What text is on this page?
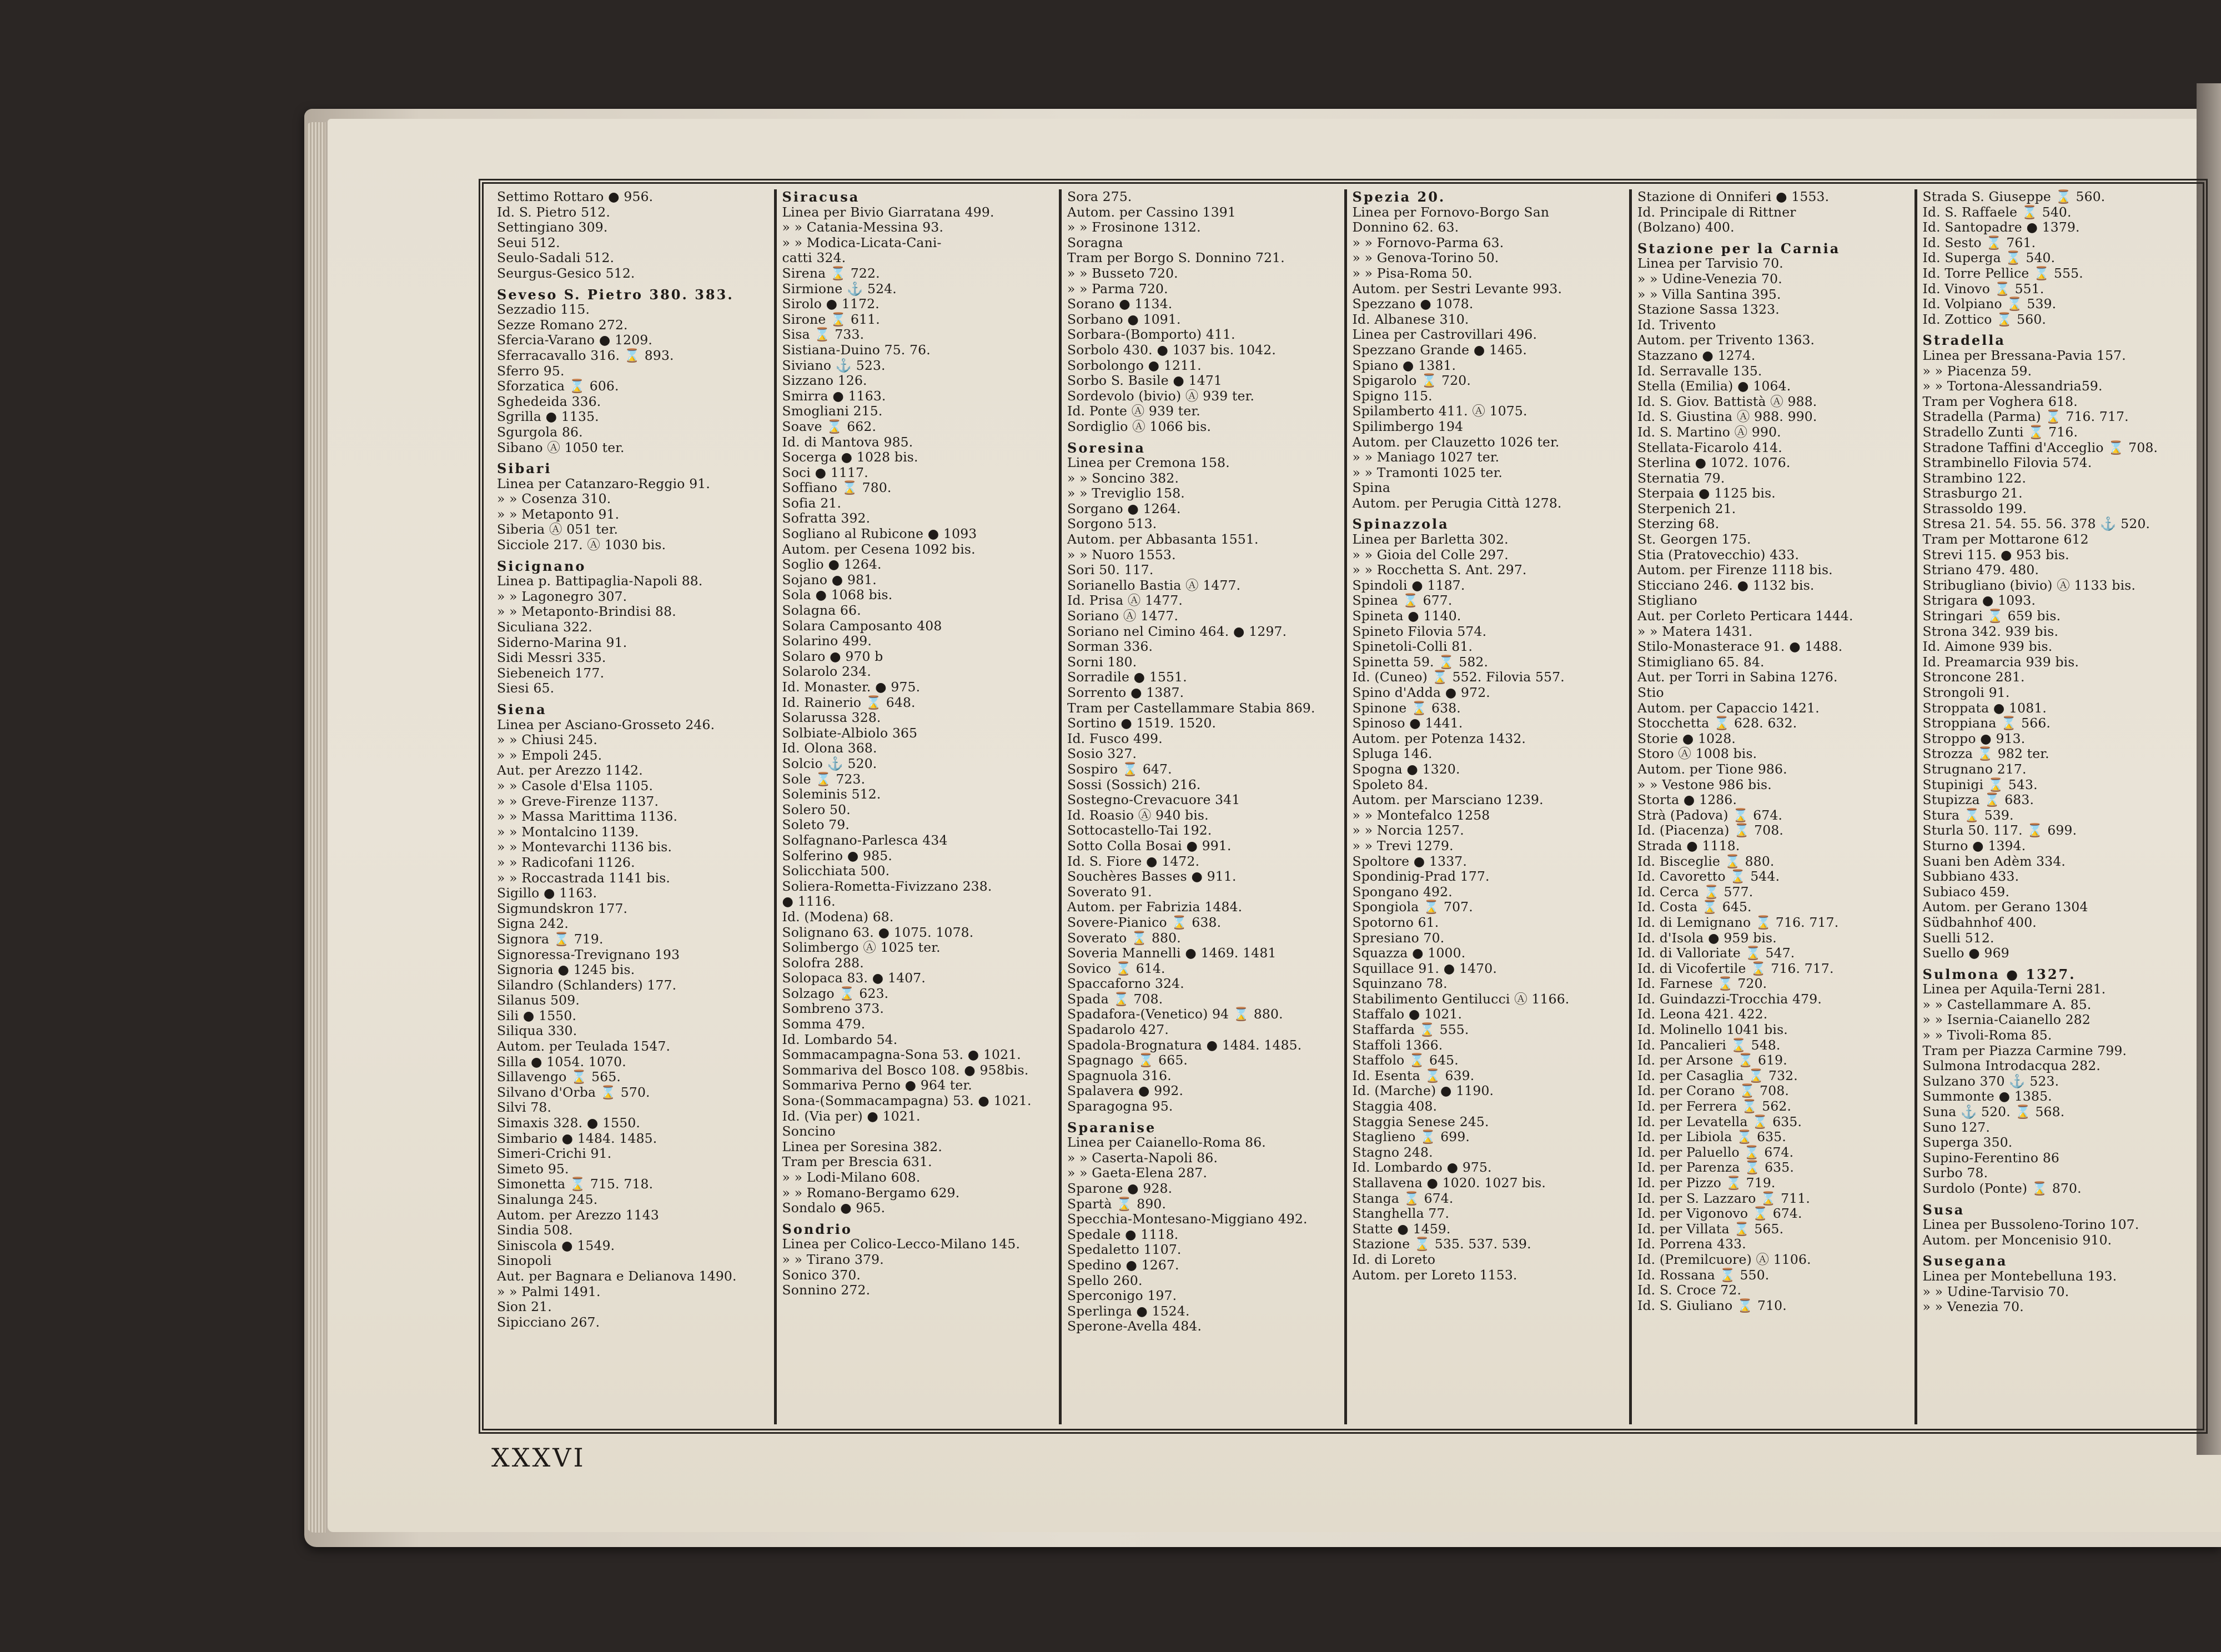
Settimo Rottaro ● 956.
Id. S. Pietro 512.
Settingiano 309.
Seui 512.
Seulo-Sadali 512.
Seurgus-Gesico 512.
Seveso S. Pietro 380. 383.
Sezzadio 115.
Sezze Romano 272.
Sfercia-Varano ● 1209.
Sferracavallo 316. ⌛ 893.
Sferro 95.
Sforzatica ⌛ 606.
Sghedeida 336.
Sgrilla ● 1135.
Sgurgola 86.
Sibano Ⓐ 1050 ter.
Sibari
Linea per Catanzaro-Reggio 91.
» » Cosenza 310.
» » Metaponto 91.
Siberia Ⓐ 051 ter.
Sicciole 217. Ⓐ 1030 bis.
Sicignano
Linea p. Battipaglia-Napoli 88.
» » Lagonegro 307.
» » Metaponto-Brindisi 88.
Siculiana 322.
Siderno-Marina 91.
Sidi Messri 335.
Siebeneich 177.
Siesi 65.
Siena
Linea per Asciano-Grosseto 246.
» » Chiusi 245.
» » Empoli 245.
Aut. per Arezzo 1142.
» » Casole d'Elsa 1105.
» » Greve-Firenze 1137.
» » Massa Marittima 1136.
» » Montalcino 1139.
» » Montevarchi 1136 bis.
» » Radicofani 1126.
» » Roccastrada 1141 bis.
Sigillo ● 1163.
Sigmundskron 177.
Signa 242.
Signora ⌛ 719.
Signoressa-Trevignano 193
Signoria ● 1245 bis.
Silandro (Schlanders) 177.
Silanus 509.
Sili ● 1550.
Siliqua 330.
Autom. per Teulada 1547.
Silla ● 1054. 1070.
Sillavengo ⌛ 565.
Silvano d'Orba ⌛ 570.
Silvi 78.
Simaxis 328. ● 1550.
Simbario ● 1484. 1485.
Simeri-Crichi 91.
Simeto 95.
Simonetta ⌛ 715. 718.
Sinalunga 245.
Autom. per Arezzo 1143
Sindia 508.
Siniscola ● 1549.
Sinopoli
Aut. per Bagnara e Delianova 1490.
» » Palmi 1491.
Sion 21.
Sipicciano 267.
Siracusa
Linea per Bivio Giarratana 499.
» » Catania-Messina 93.
» » Modica-Licata-Cani-
catti 324.
Sirena ⌛ 722.
Sirmione ⚓ 524.
Sirolo ● 1172.
Sirone ⌛ 611.
Sisa ⌛ 733.
Sistiana-Duino 75. 76.
Siviano ⚓ 523.
Sizzano 126.
Smirra ● 1163.
Smogliani 215.
Soave ⌛ 662.
Id. di Mantova 985.
Socerga ● 1028 bis.
Soci ● 1117.
Soffiano ⌛ 780.
Sofia 21.
Sofratta 392.
Sogliano al Rubicone ● 1093
Autom. per Cesena 1092 bis.
Soglio ● 1264.
Sojano ● 981.
Sola ● 1068 bis.
Solagna 66.
Solara Camposanto 408
Solarino 499.
Solaro ● 970 b
Solarolo 234.
Id. Monaster. ● 975.
Id. Rainerio ⌛ 648.
Solarussa 328.
Solbiate-Albiolo 365
Id. Olona 368.
Solcio ⚓ 520.
Sole ⌛ 723.
Soleminis 512.
Solero 50.
Soleto 79.
Solfagnano-Parlesca 434
Solferino ● 985.
Solicchiata 500.
Soliera-Rometta-Fivizzano 238.
● 1116.
Id. (Modena) 68.
Solignano 63. ● 1075. 1078.
Solimbergo Ⓐ 1025 ter.
Solofra 288.
Solopaca 83. ● 1407.
Solzago ⌛ 623.
Sombreno 373.
Somma 479.
Id. Lombardo 54.
Sommacampagna-Sona 53. ● 1021.
Sommariva del Bosco 108. ● 958bis.
Sommariva Perno ● 964 ter.
Sona-(Sommacampagna) 53. ● 1021.
Id. (Via per) ● 1021.
Soncino
Linea per Soresina 382.
Tram per Brescia 631.
» » Lodi-Milano 608.
» » Romano-Bergamo 629.
Sondalo ● 965.
Sondrio
Linea per Colico-Lecco-Milano 145.
» » Tirano 379.
Sonico 370.
Sonnino 272.
Sora 275.
Autom. per Cassino 1391
» » Frosinone 1312.
Soragna
Tram per Borgo S. Donnino 721.
» » Busseto 720.
» » Parma 720.
Sorano ● 1134.
Sorbano ● 1091.
Sorbara-(Bomporto) 411.
Sorbolo 430. ● 1037 bis. 1042.
Sorbolongo ● 1211.
Sorbo S. Basile ● 1471
Sordevolo (bivio) Ⓐ 939 ter.
Id. Ponte Ⓐ 939 ter.
Sordiglio Ⓐ 1066 bis.
Soresina
Linea per Cremona 158.
» » Soncino 382.
» » Treviglio 158.
Sorgano ● 1264.
Sorgono 513.
Autom. per Abbasanta 1551.
» » Nuoro 1553.
Sori 50. 117.
Sorianello Bastia Ⓐ 1477.
Id. Prisa Ⓐ 1477.
Soriano Ⓐ 1477.
Soriano nel Cimino 464. ● 1297.
Sorman 336.
Sorni 180.
Sorradile ● 1551.
Sorrento ● 1387.
Tram per Castellammare Stabia 869.
Sortino ● 1519. 1520.
Id. Fusco 499.
Sosio 327.
Sospiro ⌛ 647.
Sossi (Sossich) 216.
Sostegno-Crevacuore 341
Id. Roasio Ⓐ 940 bis.
Sottocastello-Tai 192.
Sotto Colla Bosai ● 991.
Id. S. Fiore ● 1472.
Souchères Basses ● 911.
Soverato 91.
Autom. per Fabrizia 1484.
Sovere-Pianico ⌛ 638.
Soverato ⌛ 880.
Soveria Mannelli ● 1469. 1481
Sovico ⌛ 614.
Spaccaforno 324.
Spada ⌛ 708.
Spadafora-(Venetico) 94 ⌛ 880.
Spadarolo 427.
Spadola-Brognatura ● 1484. 1485.
Spagnago ⌛ 665.
Spagnuola 316.
Spalavera ● 992.
Sparagogna 95.
Sparanise
Linea per Caianello-Roma 86.
» » Caserta-Napoli 86.
» » Gaeta-Elena 287.
Sparone ● 928.
Spartà ⌛ 890.
Specchia-Montesano-Miggiano 492.
Spedale ● 1118.
Spedaletto 1107.
Spedino ● 1267.
Spello 260.
Sperconigo 197.
Sperlinga ● 1524.
Sperone-Avella 484.
Spezia 20.
Linea per Fornovo-Borgo San
Donnino 62. 63.
» » Fornovo-Parma 63.
» » Genova-Torino 50.
» » Pisa-Roma 50.
Autom. per Sestri Levante 993.
Spezzano ● 1078.
Id. Albanese 310.
Linea per Castrovillari 496.
Spezzano Grande ● 1465.
Spiano ● 1381.
Spigarolo ⌛ 720.
Spigno 115.
Spilamberto 411. Ⓐ 1075.
Spilimbergo 194
Autom. per Clauzetto 1026 ter.
» » Maniago 1027 ter.
» » Tramonti 1025 ter.
Spina
Autom. per Perugia Città 1278.
Spinazzola
Linea per Barletta 302.
» » Gioia del Colle 297.
» » Rocchetta S. Ant. 297.
Spindoli ● 1187.
Spinea ⌛ 677.
Spineta ● 1140.
Spineto Filovia 574.
Spinetoli-Colli 81.
Spinetta 59. ⌛ 582.
Id. (Cuneo) ⌛ 552. Filovia 557.
Spino d'Adda ● 972.
Spinone ⌛ 638.
Spinoso ● 1441.
Autom. per Potenza 1432.
Spluga 146.
Spogna ● 1320.
Spoleto 84.
Autom. per Marsciano 1239.
» » Montefalco 1258
» » Norcia 1257.
» » Trevi 1279.
Spoltore ● 1337.
Spondinig-Prad 177.
Spongano 492.
Spongiola ⌛ 707.
Spotorno 61.
Spresiano 70.
Squazza ● 1000.
Squillace 91. ● 1470.
Squinzano 78.
Stabilimento Gentilucci Ⓐ 1166.
Staffalo ● 1021.
Staffarda ⌛ 555.
Staffoli 1366.
Staffolo ⌛ 645.
Id. Esenta ⌛ 639.
Id. (Marche) ● 1190.
Staggia 408.
Staggia Senese 245.
Staglieno ⌛ 699.
Stagno 248.
Id. Lombardo ● 975.
Stallavena ● 1020. 1027 bis.
Stanga ⌛ 674.
Stanghella 77.
Statte ● 1459.
Stazione ⌛ 535. 537. 539.
Id. di Loreto
Autom. per Loreto 1153.
Stazione di Onniferi ● 1553.
Id. Principale di Rittner
(Bolzano) 400.
Stazione per la Carnia
Linea per Tarvisio 70.
» » Udine-Venezia 70.
» » Villa Santina 395.
Stazione Sassa 1323.
Id. Trivento
Autom. per Trivento 1363.
Stazzano ● 1274.
Id. Serravalle 135.
Stella (Emilia) ● 1064.
Id. S. Giov. Battistà Ⓐ 988.
Id. S. Giustina Ⓐ 988. 990.
Id. S. Martino Ⓐ 990.
Stellata-Ficarolo 414.
Sterlina ● 1072. 1076.
Sternatia 79.
Sterpaia ● 1125 bis.
Sterpenich 21.
Sterzing 68.
St. Georgen 175.
Stia (Pratovecchio) 433.
Autom. per Firenze 1118 bis.
Sticciano 246. ● 1132 bis.
Stigliano
Aut. per Corleto Perticara 1444.
» » Matera 1431.
Stilo-Monasterace 91. ● 1488.
Stimigliano 65. 84.
Aut. per Torri in Sabina 1276.
Stio
Autom. per Capaccio 1421.
Stocchetta ⌛ 628. 632.
Storie ● 1028.
Storo Ⓐ 1008 bis.
Autom. per Tione 986.
» » Vestone 986 bis.
Storta ● 1286.
Strà (Padova) ⌛ 674.
Id. (Piacenza) ⌛ 708.
Strada ● 1118.
Id. Bisceglie ⌛ 880.
Id. Cavoretto ⌛ 544.
Id. Cerca ⌛ 577.
Id. Costa ⌛ 645.
Id. di Lemignano ⌛ 716. 717.
Id. d'Isola ● 959 bis.
Id. di Valloriate ⌛ 547.
Id. di Vicofertile ⌛ 716. 717.
Id. Farnese ⌛ 720.
Id. Guindazzi-Trocchia 479.
Id. Leona 421. 422.
Id. Molinello 1041 bis.
Id. Pancalieri ⌛ 548.
Id. per Arsone ⌛ 619.
Id. per Casaglia ⌛ 732.
Id. per Corano ⌛ 708.
Id. per Ferrera ⌛ 562.
Id. per Levatella ⌛ 635.
Id. per Libiola ⌛ 635.
Id. per Paluello ⌛ 674.
Id. per Parenza ⌛ 635.
Id. per Pizzo ⌛ 719.
Id. per S. Lazzaro ⌛ 711.
Id. per Vigonovo ⌛ 674.
Id. per Villata ⌛ 565.
Id. Porrena 433.
Id. (Premilcuore) Ⓐ 1106.
Id. Rossana ⌛ 550.
Id. S. Croce 72.
Id. S. Giuliano ⌛ 710.
Strada S. Giuseppe ⌛ 560.
Id. S. Raffaele ⌛ 540.
Id. Santopadre ● 1379.
Id. Sesto ⌛ 761.
Id. Superga ⌛ 540.
Id. Torre Pellice ⌛ 555.
Id. Vinovo ⌛ 551.
Id. Volpiano ⌛ 539.
Id. Zottico ⌛ 560.
Stradella
Linea per Bressana-Pavia 157.
» » Piacenza 59.
» » Tortona-Alessandria59.
Tram per Voghera 618.
Stradella (Parma) ⌛ 716. 717.
Stradello Zunti ⌛ 716.
Stradone Taffini d'Acceglio ⌛ 708.
Strambinello Filovia 574.
Strambino 122.
Strasburgo 21.
Strassoldo 199.
Stresa 21. 54. 55. 56. 378 ⚓ 520.
Tram per Mottarone 612
Strevi 115. ● 953 bis.
Striano 479. 480.
Stribugliano (bivio) Ⓐ 1133 bis.
Strigara ● 1093.
Stringari ⌛ 659 bis.
Strona 342. 939 bis.
Id. Aimone 939 bis.
Id. Preamarcia 939 bis.
Stroncone 281.
Strongoli 91.
Stroppata ● 1081.
Stroppiana ⌛ 566.
Stroppo ● 913.
Strozza ⌛ 982 ter.
Strugnano 217.
Stupinigi ⌛ 543.
Stupizza ⌛ 683.
Stura ⌛ 539.
Sturla 50. 117. ⌛ 699.
Sturno ● 1394.
Suani ben Adèm 334.
Subbiano 433.
Subiaco 459.
Autom. per Gerano 1304
Südbahnhof 400.
Suelli 512.
Suello ● 969
Sulmona ● 1327.
Linea per Aquila-Terni 281.
» » Castellammare A. 85.
» » Isernia-Caianello 282
» » Tivoli-Roma 85.
Tram per Piazza Carmine 799.
Sulmona Introdacqua 282.
Sulzano 370 ⚓ 523.
Summonte ● 1385.
Suna ⚓ 520. ⌛ 568.
Suno 127.
Superga 350.
Supino-Ferentino 86
Surbo 78.
Surdolo (Ponte) ⌛ 870.
Susa
Linea per Bussoleno-Torino 107.
Autom. per Moncenisio 910.
Susegana
Linea per Montebelluna 193.
» » Udine-Tarvisio 70.
» » Venezia 70.
XXXVI
